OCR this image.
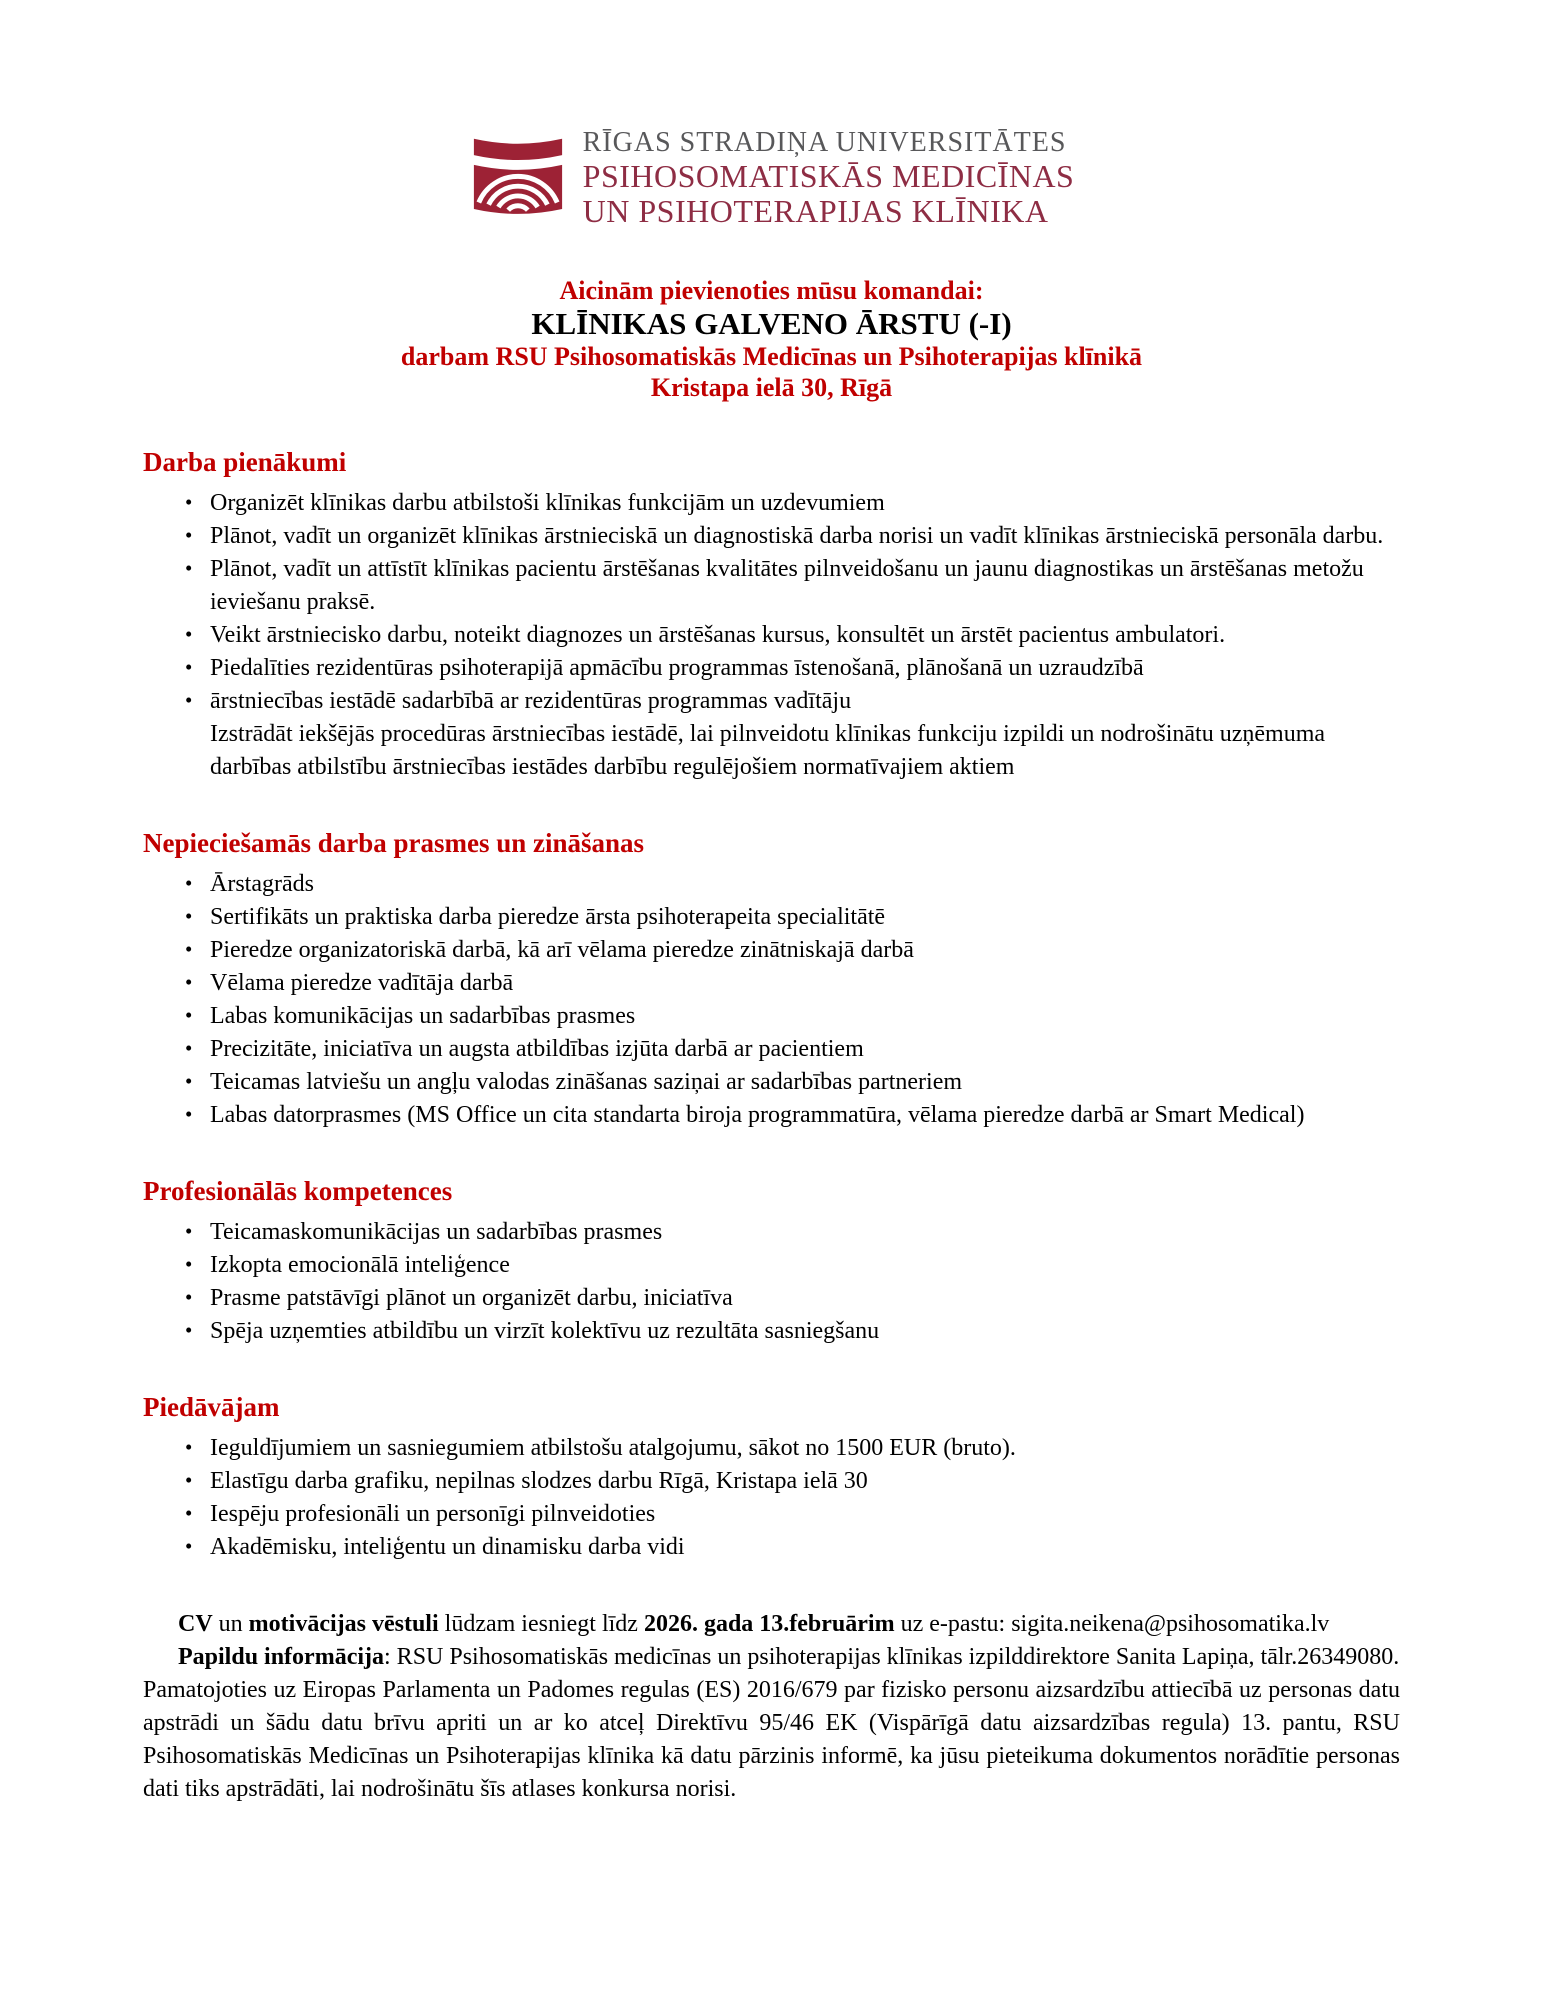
RĪGAS STRADIŅA UNIVERSITĀTES
PSIHOSOMATISKĀS MEDICĪNAS
UN PSIHOTERAPIJAS KLĪNIKA
Aicinām pievienoties mūsu komandai:
KLĪNIKAS GALVENO ĀRSTU (-I)
darbam RSU Psihosomatiskās Medicīnas un Psihoterapijas klīnikā
Kristapa ielā 30, Rīgā
Darba pienākumi
• Organizēt klīnikas darbu atbilstoši klīnikas funkcijām un uzdevumiem
• Plānot, vadīt un organizēt klīnikas ārstnieciskā un diagnostiskā darba norisi un vadīt klīnikas ārstnieciskā personāla darbu.
• Plānot, vadīt un attīstīt klīnikas pacientu ārstēšanas kvalitātes pilnveidošanu un jaunu diagnostikas un ārstēšanas metožu ieviešanu praksē.
• Veikt ārstniecisko darbu, noteikt diagnozes un ārstēšanas kursus, konsultēt un ārstēt pacientus ambulatori.
• Piedalīties rezidentūras psihoterapijā apmācību programmas īstenošanā, plānošanā un uzraudzībā
• ārstniecības iestādē sadarbībā ar rezidentūras programmas vadītāju
Izstrādāt iekšējās procedūras ārstniecības iestādē, lai pilnveidotu klīnikas funkciju izpildi un nodrošinātu uzņēmuma darbības atbilstību ārstniecības iestādes darbību regulējošiem normatīvajiem aktiem
Nepieciešamās darba prasmes un zināšanas
• Ārstagrāds
• Sertifikāts un praktiska darba pieredze ārsta psihoterapeita specialitātē
• Pieredze organizatoriskā darbā, kā arī vēlama pieredze zinātniskajā darbā
• Vēlama pieredze vadītāja darbā
• Labas komunikācijas un sadarbības prasmes
• Precizitāte, iniciatīva un augsta atbildības izjūta darbā ar pacientiem
• Teicamas latviešu un angļu valodas zināšanas saziņai ar sadarbības partneriem
• Labas datorprasmes (MS Office un cita standarta biroja programmatūra, vēlama pieredze darbā ar Smart Medical)
Profesionālās kompetences
• Teicamaskomunikācijas un sadarbības prasmes
• Izkopta emocionālā inteliģence
• Prasme patstāvīgi plānot un organizēt darbu, iniciatīva
• Spēja uzņemties atbildību un virzīt kolektīvu uz rezultāta sasniegšanu
Piedāvājam
• Ieguldījumiem un sasniegumiem atbilstošu atalgojumu, sākot no 1500 EUR (bruto).
• Elastīgu darba grafiku, nepilnas slodzes darbu Rīgā, Kristapa ielā 30
• Iespēju profesionāli un personīgi pilnveidoties
• Akadēmisku, inteliģentu un dinamisku darba vidi

CV un motivācijas vēstuli lūdzam iesniegt līdz 2026. gada 13.februārim uz e-pastu: sigita.neikena@psihosomatika.lv

Papildu informācija: RSU Psihosomatiskās medicīnas un psihoterapijas klīnikas izpilddirektore Sanita Lapiņa, tālr.26349080.

Pamatojoties uz Eiropas Parlamenta un Padomes regulas (ES) 2016/679 par fizisko personu aizsardzību attiecībā uz personas datu apstrādi un šādu datu brīvu apriti un ar ko atceļ Direktīvu 95/46 EK (Vispārīgā datu aizsardzības regula) 13. pantu, RSU Psihosomatiskās Medicīnas un Psihoterapijas klīnika kā datu pārzinis informē, ka jūsu pieteikuma dokumentos norādītie personas dati tiks apstrādāti, lai nodrošinātu šīs atlases konkursa norisi.
